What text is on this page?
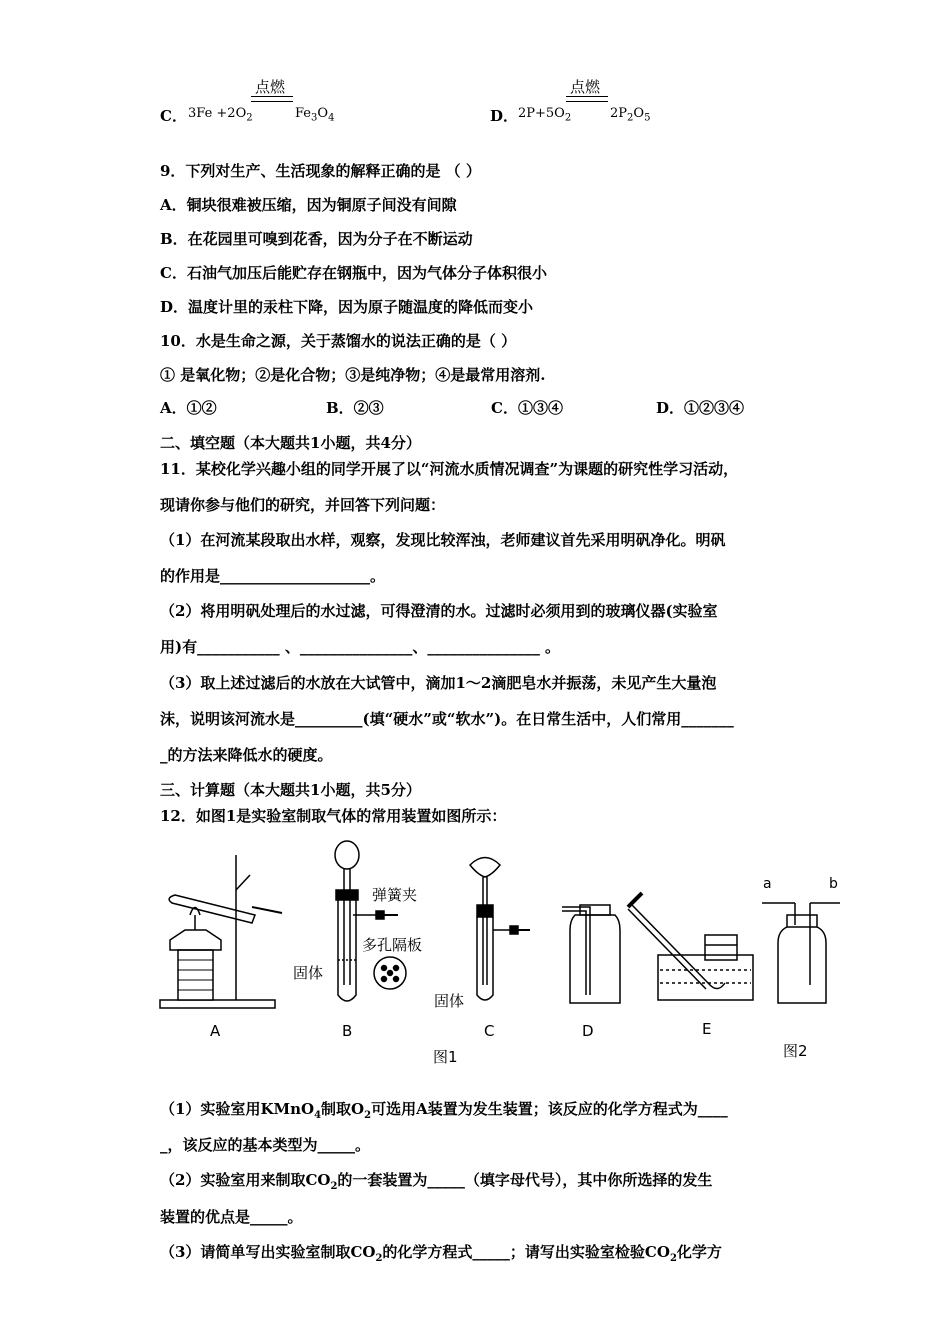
点燃
C． $3Fe +2O_2$	$Fe_3O_4$
点燃
D． $2P+5O_2$	$2P_2O_5$
9．下列对生产、生活现象的解释正确的是 （ ）
A．铜块很难被压缩，因为铜原子间没有间隙
B．在花园里可嗅到花香，因为分子在不断运动
C．石油气加压后能贮存在钢瓶中，因为气体分子体积很小
D．温度计里的汞柱下降，因为原子随温度的降低而变小
10．水是生命之源，关于蒸馏水的说法正确的是（ ）
① 是氧化物；②是化合物；③是纯净物；④是最常用溶剂.
A．①②	B．②③	C．①③④	D．①②③④
二、填空题（本大题共1小题，共4分）
11．某校化学兴趣小组的同学开展了以“河流水质情况调查”为课题的研究性学习活动，
现请你参与他们的研究，并回答下列问题：
（1）在河流某段取出水样，观察，发现比较浑浊，老师建议首先采用明矾净化。明矾
的作用是____________________。
（2）将用明矾处理后的水过滤，可得澄清的水。过滤时必须用到的玻璃仪器(实验室
用)有___________ 、_______________、_______________ 。
（3）取上述过滤后的水放在大试管中，滴加1～2滴肥皂水并振荡，未见产生大量泡
沫，说明该河流水是_________(填“硬水”或“软水”)。在日常生活中，人们常用_______
_的方法来降低水的硬度。
三、计算题（本大题共1小题，共5分）
12．如图1是实验室制取气体的常用装置如图所示：
弹簧夹
多孔隔板
固体
固体
A	B	C	D	E
图1	图2
a	b
（1）实验室用KMnO$_4$制取$O_2$可选用A装置为发生装置；该反应的化学方程式为____
_，该反应的基本类型为_____。
（2）实验室用来制取$CO_2$的一套装置为_____（填字母代号），其中你所选择的发生
装置的优点是_____。
（3）请简单写出实验室制取$CO_2$的化学方程式_____；请写出实验室检验$CO_2$化学方
